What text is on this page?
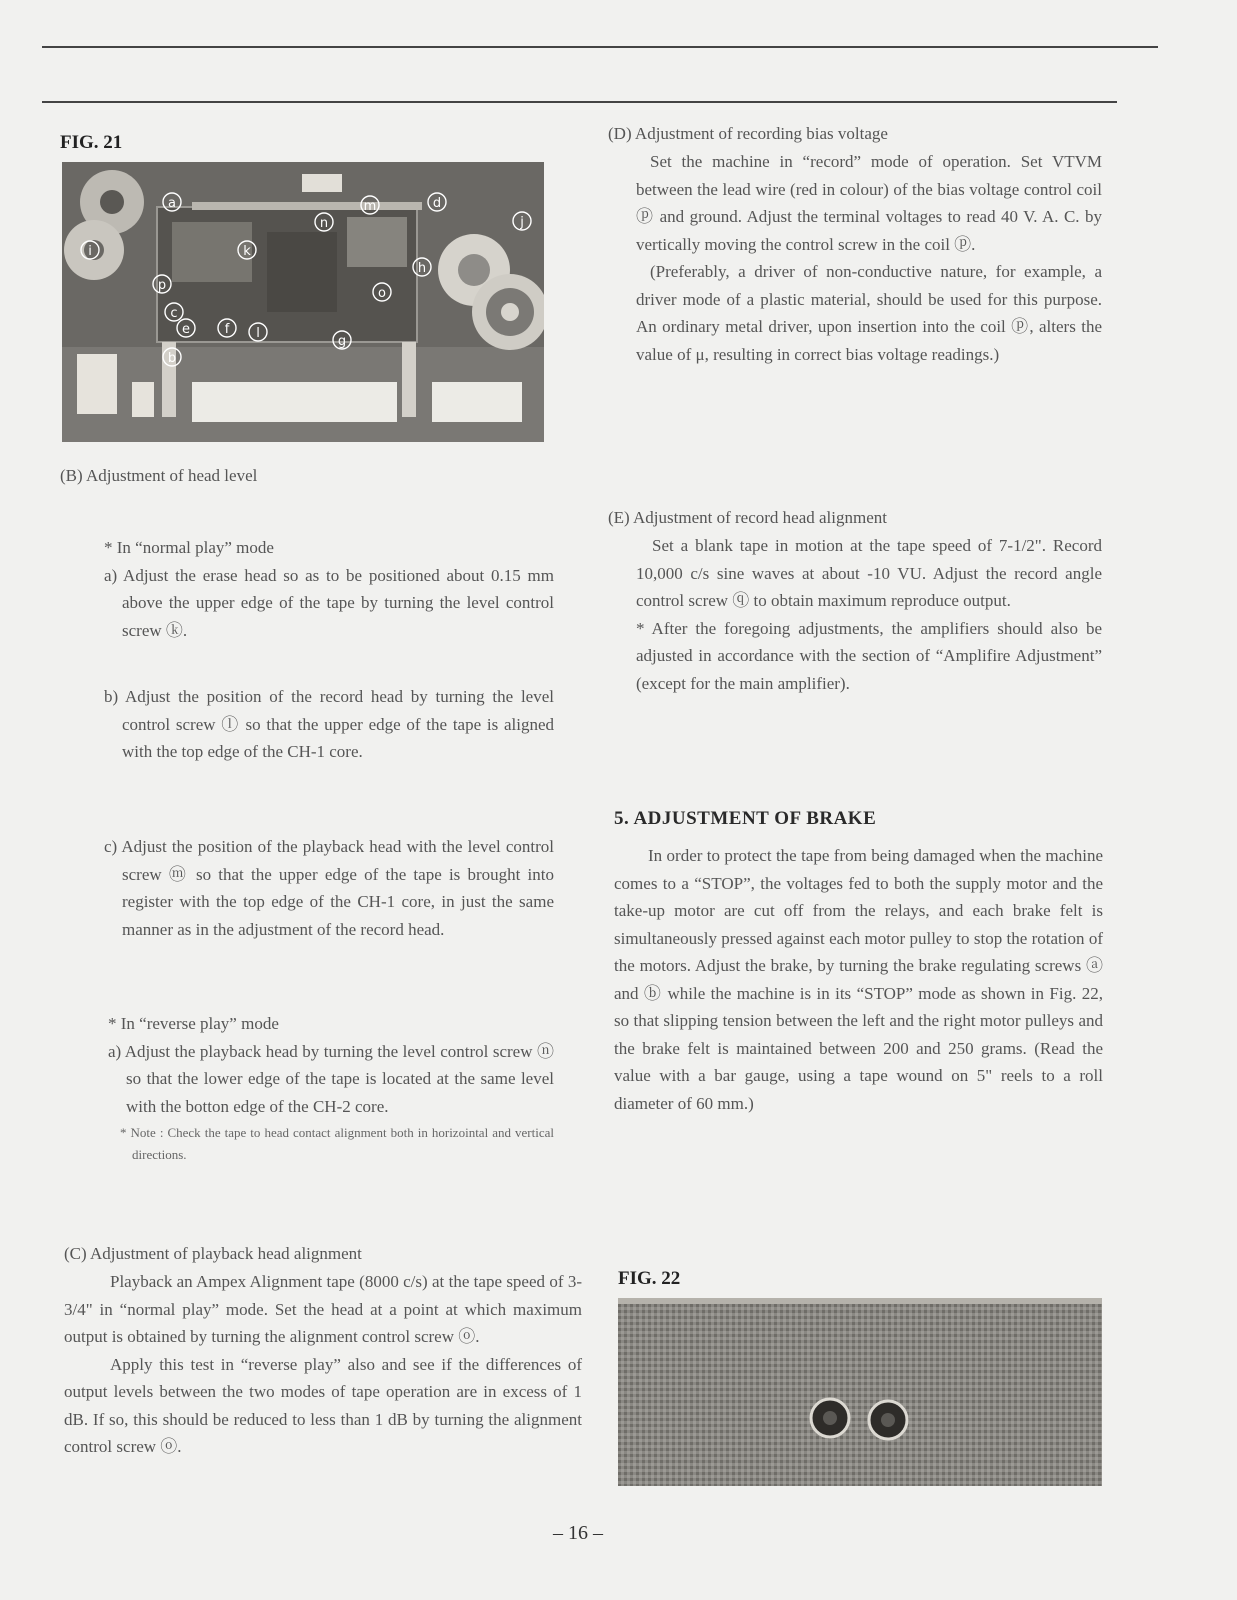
FIG. 21
a	m	d
i
j
n
k
p
h
c
o
f
e	l
g
b
(B) Adjustment of head level
* In “normal play” mode

a) Adjust the erase head so as to be positioned about 0.15 mm above the upper edge of the tape by turning the level control screw ⓚ.

b) Adjust the position of the record head by turning the level control screw ⓛ so that the upper edge of the tape is aligned with the top edge of the CH-1 core.

c) Adjust the position of the playback head with the level control screw ⓜ so that the upper edge of the tape is brought into register with the top edge of the CH-1 core, in just the same manner as in the adjustment of the record head.

* In “reverse play” mode

a) Adjust the playback head by turning the level control screw ⓝ so that the lower edge of the tape is located at the same level with the botton edge of the CH-2 core.

* Note : Check the tape to head contact alignment both in horizointal and vertical directions.

(C) Adjustment of playback head alignment

Playback an Ampex Alignment tape (8000 c/s) at the tape speed of 3-3/4" in “normal play” mode. Set the head at a point at which maximum output is obtained by turning the alignment control screw ⓞ.

Apply this test in “reverse play” also and see if the differences of output levels between the two modes of tape operation are in excess of 1 dB. If so, this should be reduced to less than 1 dB by turning the alignment control screw ⓞ.

(D) Adjustment of recording bias voltage

Set the machine in “record” mode of operation. Set VTVM between the lead wire (red in colour) of the bias voltage control coil ⓟ and ground. Adjust the terminal voltages to read 40 V. A. C. by vertically moving the control screw in the coil ⓟ.

(Preferably, a driver of non-conductive nature, for example, a driver mode of a plastic material, should be used for this purpose. An ordinary metal driver, upon insertion into the coil ⓟ, alters the value of μ, resulting in correct bias voltage readings.)

(E) Adjustment of record head alignment

Set a blank tape in motion at the tape speed of 7-1/2". Record 10,000 c/s sine waves at about -10 VU. Adjust the record angle control screw ⓠ to obtain maximum reproduce output.

* After the foregoing adjustments, the amplifiers should also be adjusted in accordance with the section of “Amplifire Adjustment” (except for the main amplifier).

5. ADJUSTMENT OF BRAKE

In order to protect the tape from being damaged when the machine comes to a “STOP”, the voltages fed to both the supply motor and the take-up motor are cut off from the relays, and each brake felt is simultaneously pressed against each motor pulley to stop the rotation of the motors. Adjust the brake, by turning the brake regulating screws ⓐ and ⓑ while the machine is in its “STOP” mode as shown in Fig. 22, so that slipping tension between the left and the right motor pulleys and the brake felt is maintained between 200 and 250 grams. (Read the value with a bar gauge, using a tape wound on 5" reels to a roll diameter of 60 mm.)

FIG. 22
– 16 –
